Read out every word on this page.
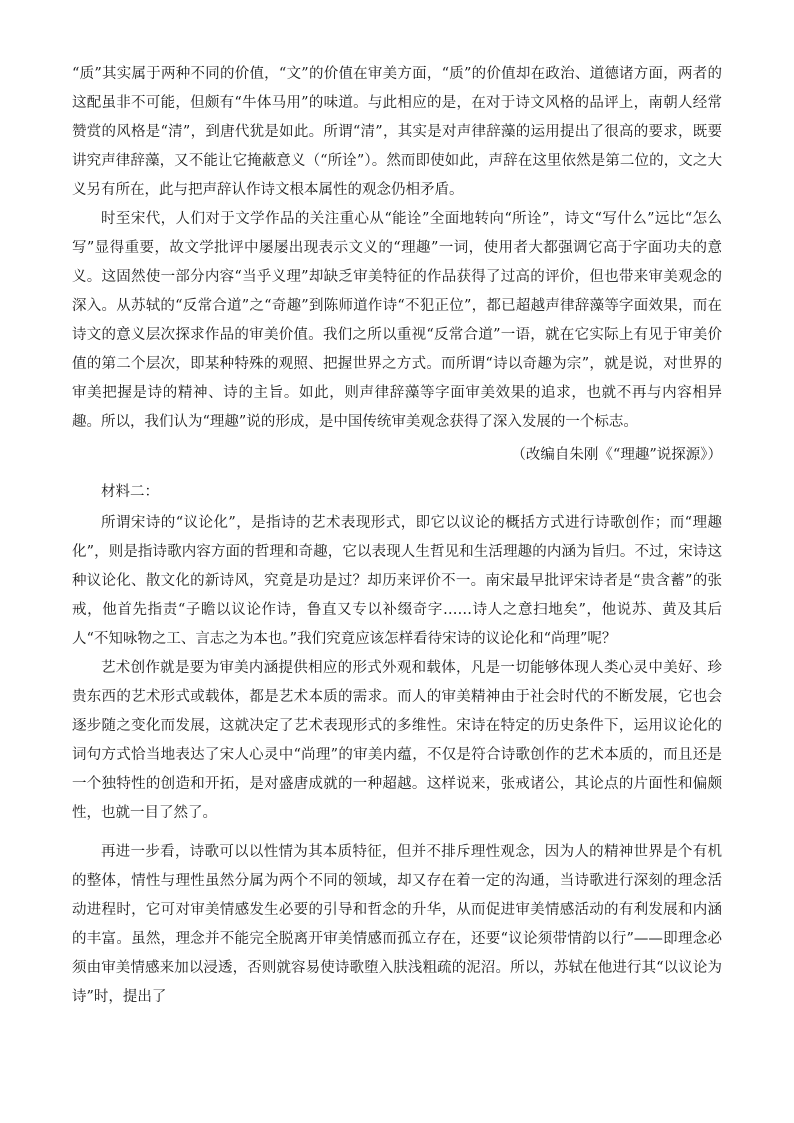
“质”其实属于两种不同的价值，“文”的价值在审美方面，“质”的价值却在政治、道德诸方面，两者的这配虽非不可能，但颇有“牛体马用”的味道。与此相应的是，在对于诗文风格的品评上，南朝人经常赞赏的风格是“清”，到唐代犹是如此。所谓“清”，其实是对声律辞藻的运用提出了很高的要求，既要讲究声律辞藻，又不能让它掩蔽意义（“所诠”）。然而即使如此，声辞在这里依然是第二位的，文之大义另有所在，此与把声辞认作诗文根本属性的观念仍相矛盾。

时至宋代，人们对于文学作品的关注重心从“能诠”全面地转向“所诠”，诗文“写什么”远比“怎么写”显得重要，故文学批评中屡屡出现表示文义的“理趣”一词，使用者大都强调它高于字面功夫的意义。这固然使一部分内容“当乎义理”却缺乏审美特征的作品获得了过高的评价，但也带来审美观念的深入。从苏轼的“反常合道”之“奇趣”到陈师道作诗“不犯正位”，都已超越声律辞藻等字面效果，而在诗文的意义层次探求作品的审美价值。我们之所以重视“反常合道”一语，就在它实际上有见于审美价值的第二个层次，即某种特殊的观照、把握世界之方式。而所谓“诗以奇趣为宗”，就是说，对世界的审美把握是诗的精神、诗的主旨。如此，则声律辞藻等字面审美效果的追求，也就不再与内容相异趣。所以，我们认为“理趣”说的形成，是中国传统审美观念获得了深入发展的一个标志。

（改编自朱刚《“理趣”说探源》）

材料二：

所谓宋诗的“议论化”，是指诗的艺术表现形式，即它以议论的概括方式进行诗歌创作；而“理趣化”，则是指诗歌内容方面的哲理和奇趣，它以表现人生哲见和生活理趣的内涵为旨归。不过，宋诗这种议论化、散文化的新诗风，究竟是功是过？却历来评价不一。南宋最早批评宋诗者是“贵含蓄”的张戒，他首先指责“子瞻以议论作诗，鲁直又专以补缀奇字……诗人之意扫地矣”，他说苏、黄及其后人“不知咏物之工、言志之为本也。”我们究竟应该怎样看待宋诗的议论化和“尚理”呢？

艺术创作就是要为审美内涵提供相应的形式外观和载体，凡是一切能够体现人类心灵中美好、珍贵东西的艺术形式或载体，都是艺术本质的需求。而人的审美精神由于社会时代的不断发展，它也会逐步随之变化而发展，这就决定了艺术表现形式的多维性。宋诗在特定的历史条件下，运用议论化的词句方式恰当地表达了宋人心灵中“尚理”的审美内蕴，不仅是符合诗歌创作的艺术本质的，而且还是一个独特性的创造和开拓，是对盛唐成就的一种超越。这样说来，张戒诸公，其论点的片面性和偏颇性，也就一目了然了。

再进一步看，诗歌可以以性情为其本质特征，但并不排斥理性观念，因为人的精神世界是个有机的整体，情性与理性虽然分属为两个不同的领域，却又存在着一定的沟通，当诗歌进行深刻的理念活动进程时，它可对审美情感发生必要的引导和哲念的升华，从而促进审美情感活动的有利发展和内涵的丰富。虽然，理念并不能完全脱离开审美情感而孤立存在，还要“议论须带情韵以行”——即理念必须由审美情感来加以浸透，否则就容易使诗歌堕入肤浅粗疏的泥沼。所以，苏轼在他进行其“以议论为诗”时，提出了
